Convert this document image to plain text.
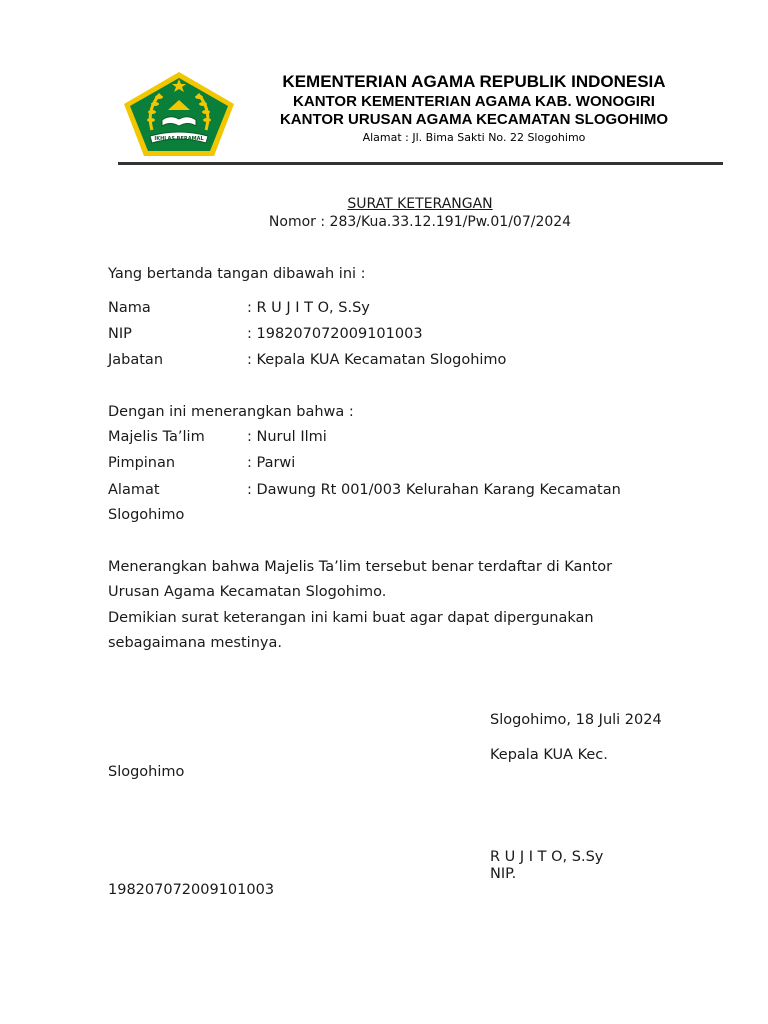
IKHLAS BERAMAL
KEMENTERIAN AGAMA REPUBLIK INDONESIA
KANTOR KEMENTERIAN AGAMA KAB. WONOGIRI
KANTOR URUSAN AGAMA KECAMATAN SLOGOHIMO
Alamat : Jl. Bima Sakti No. 22 Slogohimo
SURAT KETERANGAN
Nomor : 283/Kua.33.12.191/Pw.01/07/2024
Yang bertanda tangan dibawah ini :
Nama	: R U J I T O, S.Sy
NIP	: 198207072009101003
Jabatan	: Kepala KUA Kecamatan Slogohimo
Dengan ini menerangkan bahwa :
Majelis Ta’lim	: Nurul Ilmi
Pimpinan	: Parwi
Alamat	: Dawung Rt 001/003 Kelurahan Karang Kecamatan
Slogohimo
Menerangkan bahwa Majelis Ta’lim tersebut benar terdaftar di Kantor
Urusan Agama Kecamatan Slogohimo.
Demikian surat keterangan ini kami buat agar dapat dipergunakan
sebagaimana mestinya.
Slogohimo, 18 Juli 2024
Kepala KUA Kec.
Slogohimo
R U J I T O, S.Sy
NIP.
198207072009101003
